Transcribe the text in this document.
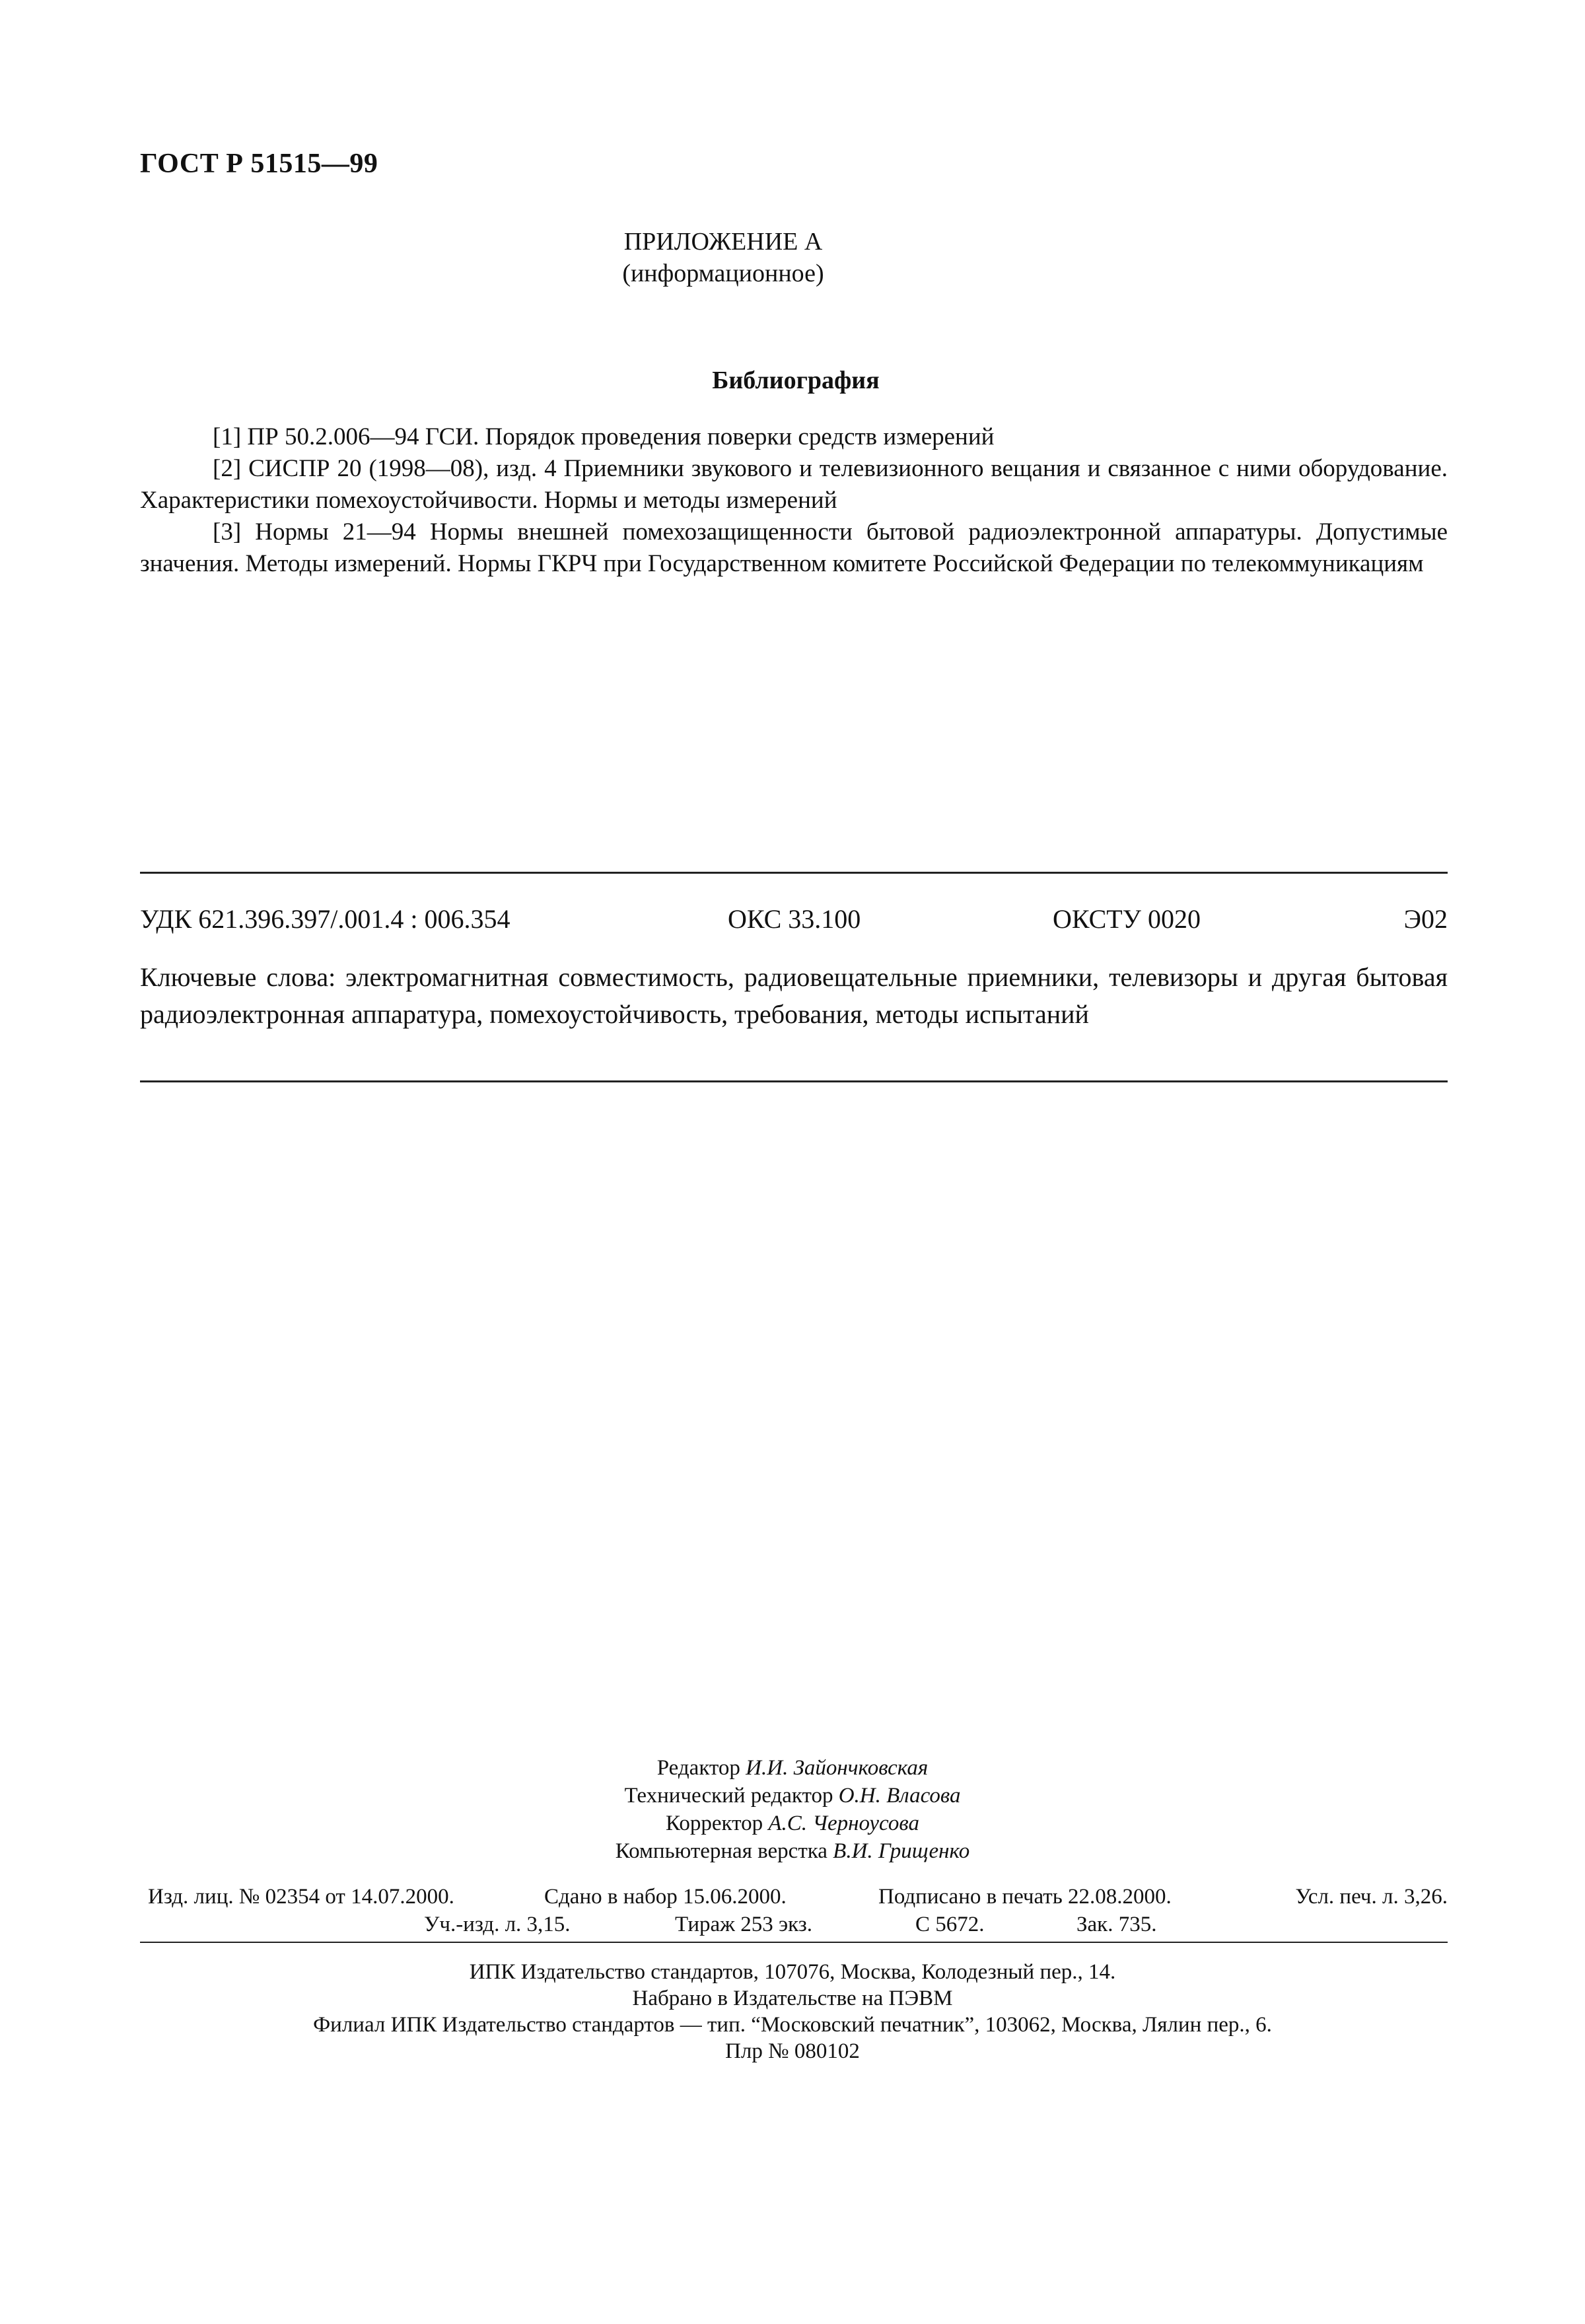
ГОСТ Р 51515—99
ПРИЛОЖЕНИЕ А
(информационное)
Библиография

[1] ПР 50.2.006—94 ГСИ. Порядок проведения поверки средств измерений

[2] СИСПР 20 (1998—08), изд. 4 Приемники звукового и телевизионного вещания и связанное с ними оборудование. Характеристики помехоустойчивости. Нормы и методы измерений

[3] Нормы 21—94 Нормы внешней помехозащищенности бытовой радиоэлектронной аппаратуры. Допустимые значения. Методы измерений. Нормы ГКРЧ при Государственном комитете Российской Федерации по телекоммуникациям

УДК 621.396.397/.001.4 : 006.354	ОКС 33.100	ОКСТУ 0020	Э02
Ключевые слова: электромагнитная совместимость, радиовещательные приемники, телевизоры и другая бытовая радиоэлектронная аппаратура, помехоустойчивость, требования, методы испытаний
Редактор И.И. Зайончковская
Технический редактор О.Н. Власова
Корректор А.С. Черноусова
Компьютерная верстка В.И. Грищенко
Изд. лиц. № 02354 от 14.07.2000.	Сдано в набор 15.06.2000.	Подписано в печать 22.08.2000.	Усл. печ. л. 3,26.
Уч.-изд. л. 3,15.	Тираж 253 экз.	С 5672.	Зак. 735.
ИПК Издательство стандартов, 107076, Москва, Колодезный пер., 14.
Набрано в Издательстве на ПЭВМ
Филиал ИПК Издательство стандартов — тип. “Московский печатник”, 103062, Москва, Лялин пер., 6.
Плр № 080102
